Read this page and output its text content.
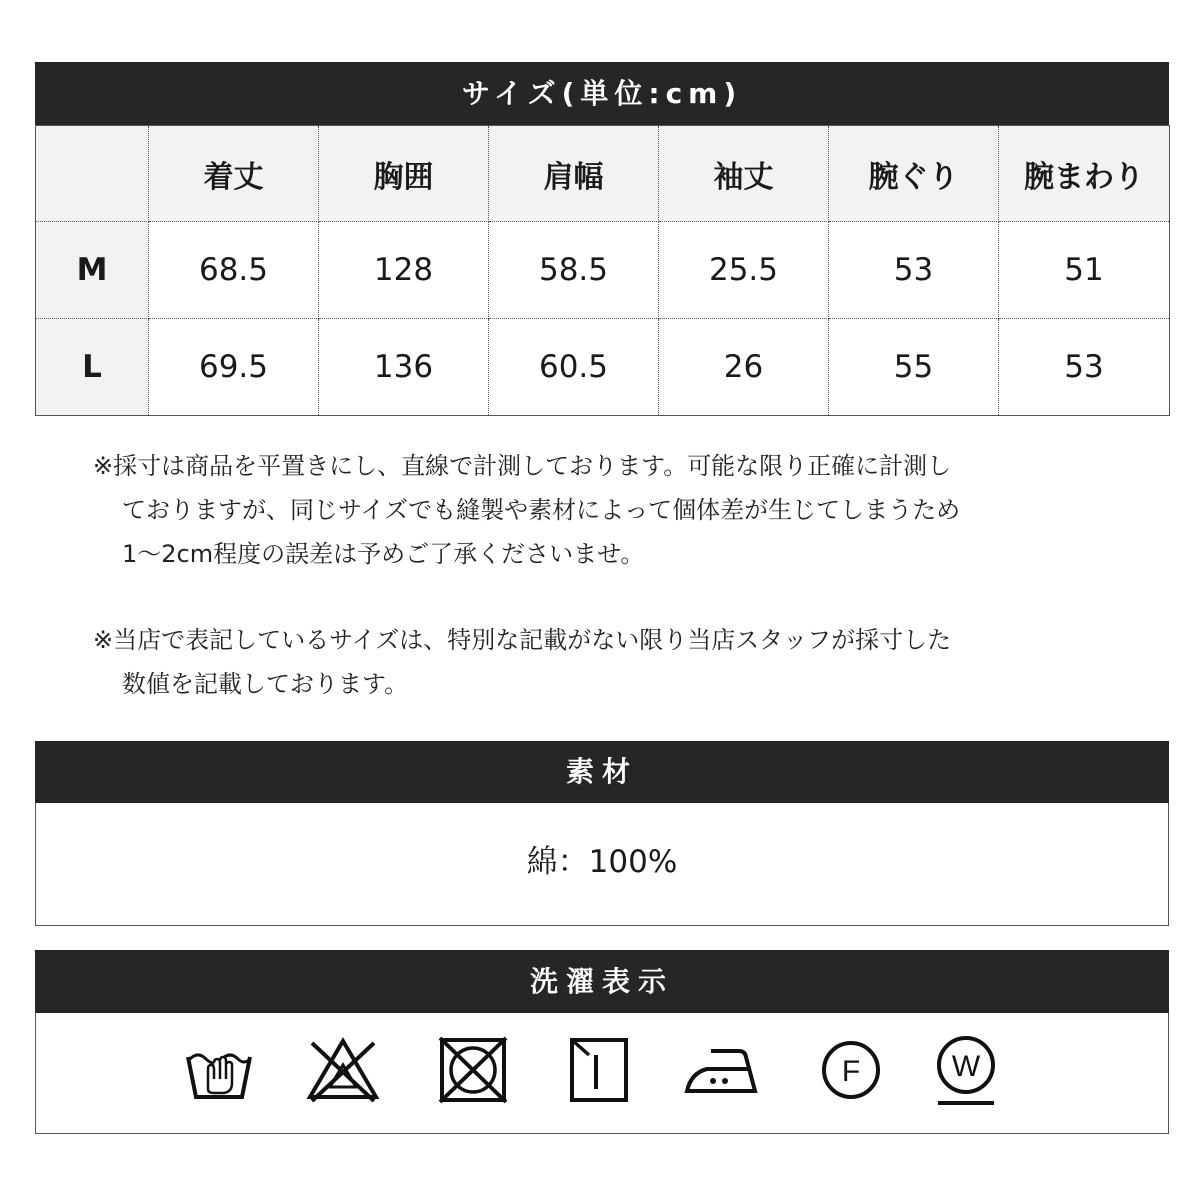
サイズ(単位:cm)
	着丈	胸囲	肩幅	袖丈	腕ぐり	腕まわり
M	68.5	128	58.5	25.5	53	51
L	69.5	136	60.5	26	55	53
※採寸は商品を平置きにし、直線で計測しております。可能な限り正確に計測し
ておりますが、同じサイズでも縫製や素材によって個体差が生じてしまうため
1〜2cm程度の誤差は予めご了承くださいませ。
※当店で表記しているサイズは、特別な記載がない限り当店スタッフが採寸した
数値を記載しております。
素材
綿：100%
洗濯表示
F	W
